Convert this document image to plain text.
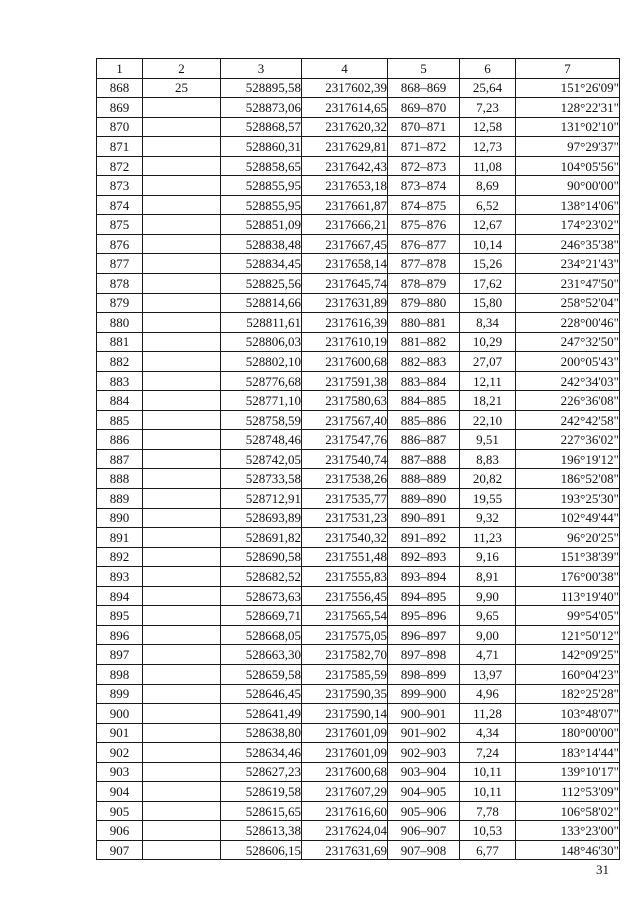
1	2	3	4	5	6	7
868	25	528895,58	2317602,39	868–869	25,64	151°26'09"
869		528873,06	2317614,65	869–870	7,23	128°22'31"
870		528868,57	2317620,32	870–871	12,58	131°02'10"
871		528860,31	2317629,81	871–872	12,73	97°29'37"
872		528858,65	2317642,43	872–873	11,08	104°05'56"
873		528855,95	2317653,18	873–874	8,69	90°00'00"
874		528855,95	2317661,87	874–875	6,52	138°14'06"
875		528851,09	2317666,21	875–876	12,67	174°23'02"
876		528838,48	2317667,45	876–877	10,14	246°35'38"
877		528834,45	2317658,14	877–878	15,26	234°21'43"
878		528825,56	2317645,74	878–879	17,62	231°47'50"
879		528814,66	2317631,89	879–880	15,80	258°52'04"
880		528811,61	2317616,39	880–881	8,34	228°00'46"
881		528806,03	2317610,19	881–882	10,29	247°32'50"
882		528802,10	2317600,68	882–883	27,07	200°05'43"
883		528776,68	2317591,38	883–884	12,11	242°34'03"
884		528771,10	2317580,63	884–885	18,21	226°36'08"
885		528758,59	2317567,40	885–886	22,10	242°42'58"
886		528748,46	2317547,76	886–887	9,51	227°36'02"
887		528742,05	2317540,74	887–888	8,83	196°19'12"
888		528733,58	2317538,26	888–889	20,82	186°52'08"
889		528712,91	2317535,77	889–890	19,55	193°25'30"
890		528693,89	2317531,23	890–891	9,32	102°49'44"
891		528691,82	2317540,32	891–892	11,23	96°20'25"
892		528690,58	2317551,48	892–893	9,16	151°38'39"
893		528682,52	2317555,83	893–894	8,91	176°00'38"
894		528673,63	2317556,45	894–895	9,90	113°19'40"
895		528669,71	2317565,54	895–896	9,65	99°54'05"
896		528668,05	2317575,05	896–897	9,00	121°50'12"
897		528663,30	2317582,70	897–898	4,71	142°09'25"
898		528659,58	2317585,59	898–899	13,97	160°04'23"
899		528646,45	2317590,35	899–900	4,96	182°25'28"
900		528641,49	2317590,14	900–901	11,28	103°48'07"
901		528638,80	2317601,09	901–902	4,34	180°00'00"
902		528634,46	2317601,09	902–903	7,24	183°14'44"
903		528627,23	2317600,68	903–904	10,11	139°10'17"
904		528619,58	2317607,29	904–905	10,11	112°53'09"
905		528615,65	2317616,60	905–906	7,78	106°58'02"
906		528613,38	2317624,04	906–907	10,53	133°23'00"
907		528606,15	2317631,69	907–908	6,77	148°46'30"
31
